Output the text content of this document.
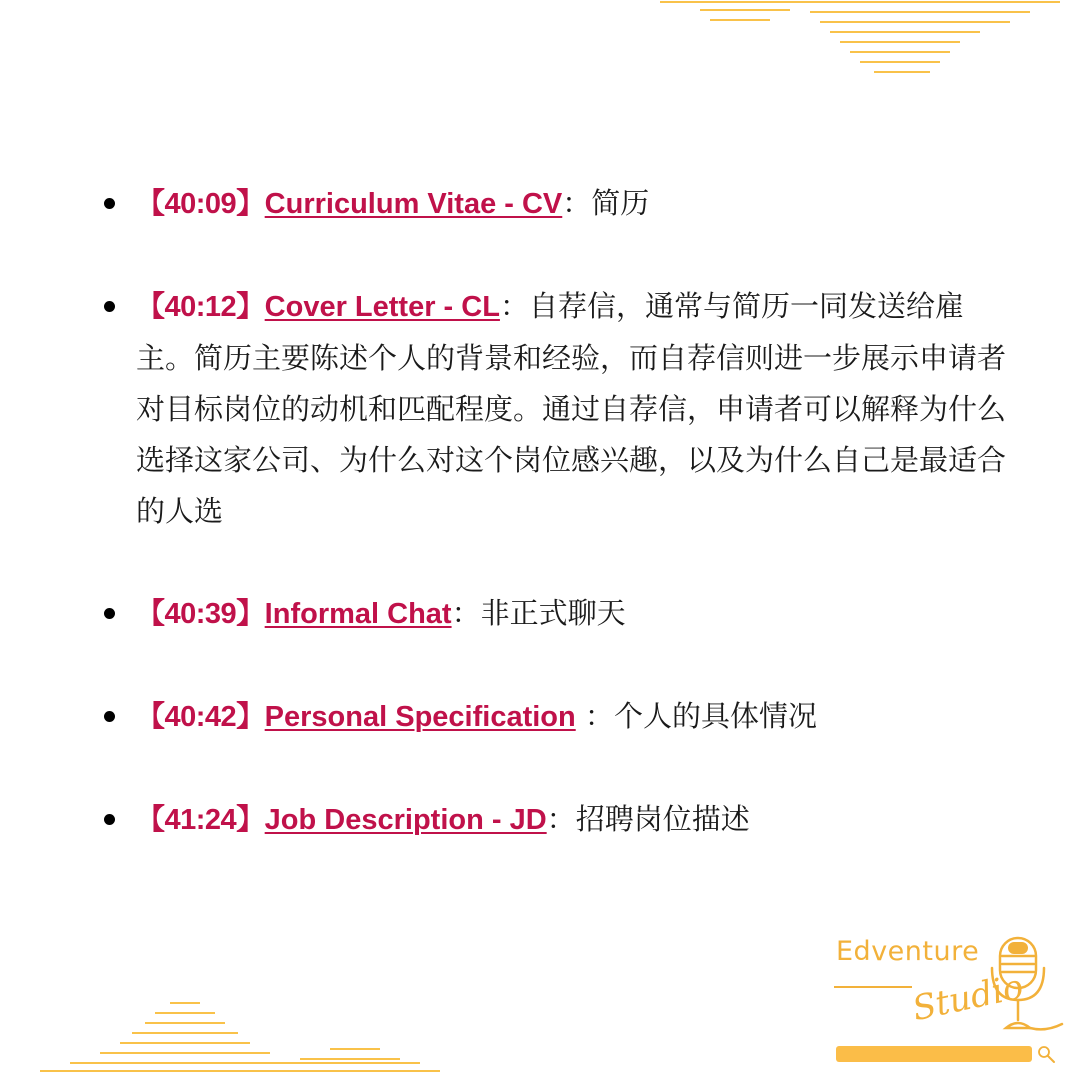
【40:09】Curriculum Vitae - CV：简历
【40:12】Cover Letter - CL：自荐信，通常与简历一同发送给雇主。简历主要陈述个人的背景和经验，而自荐信则进一步展示申请者对目标岗位的动机和匹配程度。通过自荐信，申请者可以解释为什么选择这家公司、为什么对这个岗位感兴趣，以及为什么自己是最适合的人选
【40:39】Informal Chat：非正式聊天
【40:42】Personal Specification ：个人的具体情况
【41:24】Job Description - JD：招聘岗位描述
Edventure
Studio
